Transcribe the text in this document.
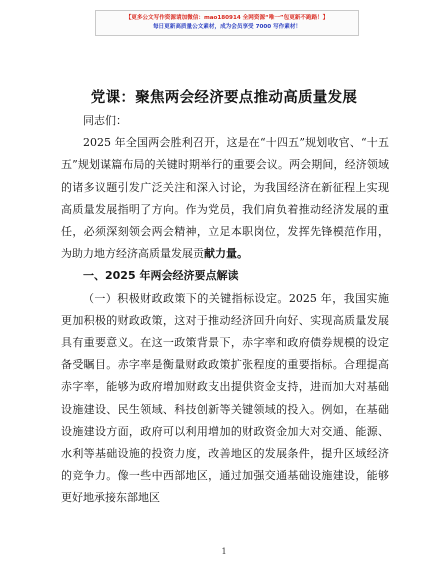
【更多公文写作资源请加微信：mao180914 全网资源“唯一”包更新不跑路！】
每日更新高质量公文素材，成为会员享受 7000 写作素材！
党课：聚焦两会经济要点推动高质量发展

同志们：

2025 年全国两会胜利召开，这是在“十四五”规划收官、“十五五”规划谋篇布局的关键时期举行的重要会议。两会期间，经济领域的诸多议题引发广泛关注和深入讨论，为我国经济在新征程上实现高质量发展指明了方向。作为党员，我们肩负着推动经济发展的重任，必须深刻领会两会精神，立足本职岗位，发挥先锋模范作用，为助力地方经济高质量发展贡献力量。

一、2025 年两会经济要点解读

（一）积极财政政策下的关键指标设定。2025 年，我国实施更加积极的财政政策，这对于推动经济回升向好、实现高质量发展具有重要意义。在这一政策背景下，赤字率和政府债券规模的设定备受瞩目。赤字率是衡量财政政策扩张程度的重要指标。合理提高赤字率，能够为政府增加财政支出提供资金支持，进而加大对基础设施建设、民生领域、科技创新等关键领域的投入。例如，在基础设施建设方面，政府可以利用增加的财政资金加大对交通、能源、水利等基础设施的投资力度，改善地区的发展条件，提升区域经济的竞争力。像一些中西部地区，通过加强交通基础设施建设，能够更好地承接东部地区

1
